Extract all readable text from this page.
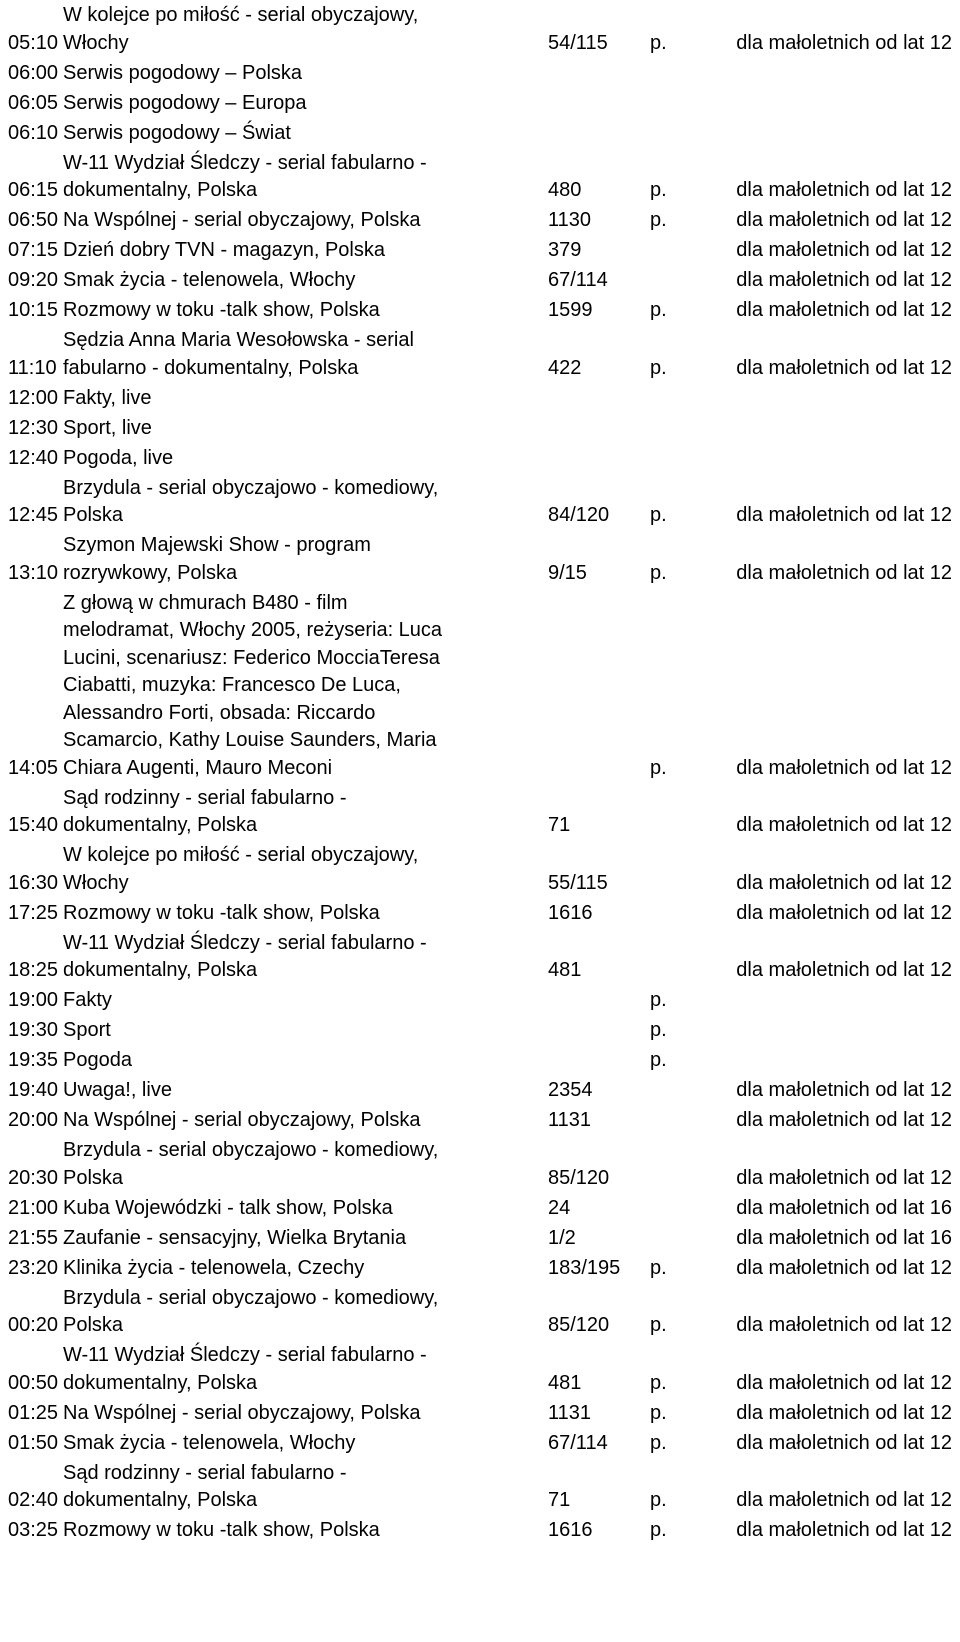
05:10
W kolejce po miłość - serial obyczajowy,
Włochy	54/115 p.	dla małoletnich od lat 12
06:00 Serwis pogodowy – Polska
06:05 Serwis pogodowy – Europa
06:10 Serwis pogodowy – Świat
06:15
W-11 Wydział Śledczy - serial fabularno -
dokumentalny, Polska	480	p.	dla małoletnich od lat 12
06:50 Na Wspólnej - serial obyczajowy, Polska	1130	p.	dla małoletnich od lat 12
07:15 Dzień dobry TVN - magazyn, Polska	379	dla małoletnich od lat 12
09:20 Smak życia - telenowela, Włochy	67/114	dla małoletnich od lat 12
10:15 Rozmowy w toku -talk show, Polska	1599	p.	dla małoletnich od lat 12
11:10
Sędzia Anna Maria Wesołowska - serial
fabularno - dokumentalny, Polska	422	p.	dla małoletnich od lat 12
12:00 Fakty, live
12:30 Sport, live
12:40 Pogoda, live
12:45
Brzydula - serial obyczajowo - komediowy,
Polska	84/120 p.	dla małoletnich od lat 12
13:10
Szymon Majewski Show - program
rozrywkowy, Polska	9/15	p.	dla małoletnich od lat 12
14:05
Z głową w chmurach B480 - film
melodramat, Włochy 2005, reżyseria: Luca
Lucini, scenariusz: Federico MocciaTeresa
Ciabatti, muzyka: Francesco De Luca,
Alessandro Forti, obsada: Riccardo
Scamarcio, Kathy Louise Saunders, Maria
Chiara Augenti, Mauro Meconi	p.	dla małoletnich od lat 12
15:40
Sąd rodzinny - serial fabularno -
dokumentalny, Polska	71	dla małoletnich od lat 12
16:30
W kolejce po miłość - serial obyczajowy,
Włochy	55/115	dla małoletnich od lat 12
17:25 Rozmowy w toku -talk show, Polska	1616	dla małoletnich od lat 12
18:25
W-11 Wydział Śledczy - serial fabularno -
dokumentalny, Polska	481	dla małoletnich od lat 12
19:00 Fakty	p.
19:30 Sport	p.
19:35 Pogoda	p.
19:40 Uwaga!, live	2354	dla małoletnich od lat 12
20:00 Na Wspólnej - serial obyczajowy, Polska	1131	dla małoletnich od lat 12
20:30
Brzydula - serial obyczajowo - komediowy,
Polska	85/120	dla małoletnich od lat 12
21:00 Kuba Wojewódzki - talk show, Polska	24	dla małoletnich od lat 16
21:55 Zaufanie - sensacyjny, Wielka Brytania	1/2	dla małoletnich od lat 16
23:20 Klinika życia - telenowela, Czechy	183/195 p.	dla małoletnich od lat 12
00:20
Brzydula - serial obyczajowo - komediowy,
Polska	85/120 p.	dla małoletnich od lat 12
00:50
W-11 Wydział Śledczy - serial fabularno -
dokumentalny, Polska	481	p.	dla małoletnich od lat 12
01:25 Na Wspólnej - serial obyczajowy, Polska	1131	p.	dla małoletnich od lat 12
01:50 Smak życia - telenowela, Włochy	67/114 p.	dla małoletnich od lat 12
02:40
Sąd rodzinny - serial fabularno -
dokumentalny, Polska	71	p.	dla małoletnich od lat 12
03:25 Rozmowy w toku -talk show, Polska	1616	p.	dla małoletnich od lat 12
